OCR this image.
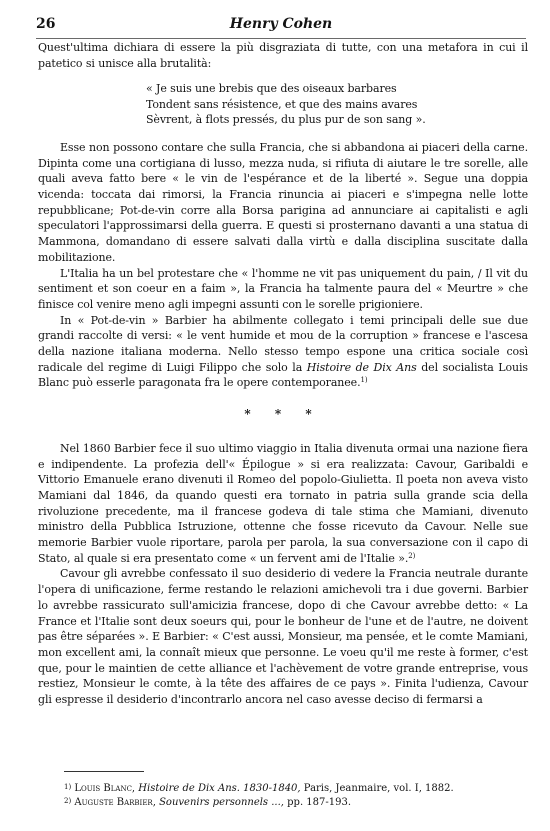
26	Henry Cohen

Quest'ultima dichiara di essere la più disgraziata di tutte, con una metafora in cui il patetico si unisce alla brutalità:

« Je suis une brebis que des oiseaux barbares
Tondent sans résistence, et que des mains avares
Sèvrent, à flots pressés, du plus pur de son sang ».

Esse non possono contare che sulla Francia, che si abbandona ai piaceri della carne. Dipinta come una cortigiana di lusso, mezza nuda, si rifiuta di aiutare le tre sorelle, alle quali aveva fatto bere « le vin de l'espérance et de la liberté ». Segue una doppia vicenda: toccata dai rimorsi, la Francia rinuncia ai piaceri e s'impegna nelle lotte repubblicane; Pot-de-vin corre alla Borsa parigina ad annunciare ai capitalisti e agli speculatori l'approssimarsi della guerra. E questi si prosternano davanti a una statua di Mammona, domandano di essere salvati dalla virtù e dalla disciplina suscitate dalla mobilitazione.

L'Italia ha un bel protestare che « l'homme ne vit pas uniquement du pain, / Il vit du sentiment et son coeur en a faim », la Francia ha talmente paura del « Meurtre » che finisce col venire meno agli impegni assunti con le sorelle prigioniere.

In « Pot-de-vin » Barbier ha abilmente collegato i temi principali delle sue due grandi raccolte di versi: « le vent humide et mou de la corruption » francese e l'ascesa della nazione italiana moderna. Nello stesso tempo espone una critica sociale così radicale del regime di Luigi Filippo che solo la Histoire de Dix Ans del socialista Louis Blanc può esserle paragonata fra le opere contemporanee.$^{1)}$

* * *

Nel 1860 Barbier fece il suo ultimo viaggio in Italia divenuta ormai una nazione fiera e indipendente. La profezia dell'« Épilogue » si era realizzata: Cavour, Garibaldi e Vittorio Emanuele erano divenuti il Romeo del popolo-Giulietta. Il poeta non aveva visto Mamiani dal 1846, da quando questi era tornato in patria sulla grande scia della rivoluzione precedente, ma il francese godeva di tale stima che Mamiani, divenuto ministro della Pubblica Istruzione, ottenne che fosse ricevuto da Cavour. Nelle sue memorie Barbier vuole riportare, parola per parola, la sua conversazione con il capo di Stato, al quale si era presentato come « un fervent ami de l'Italie ».$^{2)}$

Cavour gli avrebbe confessato il suo desiderio di vedere la Francia neutrale durante l'opera di unificazione, ferme restando le relazioni amichevoli tra i due governi. Barbier lo avrebbe rassicurato sull'amicizia francese, dopo di che Cavour avrebbe detto: « La France et l'Italie sont deux soeurs qui, pour le bonheur de l'une et de l'autre, ne doivent pas être séparées ». E Barbier: « C'est aussi, Monsieur, ma pensée, et le comte Mamiani, mon excellent ami, la connaît mieux que personne. Le voeu qu'il me reste à former, c'est que, pour le maintien de cette alliance et l'achèvement de votre grande entreprise, vous restiez, Monsieur le comte, à la tête des affaires de ce pays ». Finita l'udienza, Cavour gli espresse il desiderio d'incontrarlo ancora nel caso avesse deciso di fermarsi a

$^{1)}$ Louis Blanc, Histoire de Dix Ans. 1830-1840, Paris, Jeanmaire, vol. I, 1882.
$^{2)}$ Auguste Barbier, Souvenirs personnels ..., pp. 187-193.
